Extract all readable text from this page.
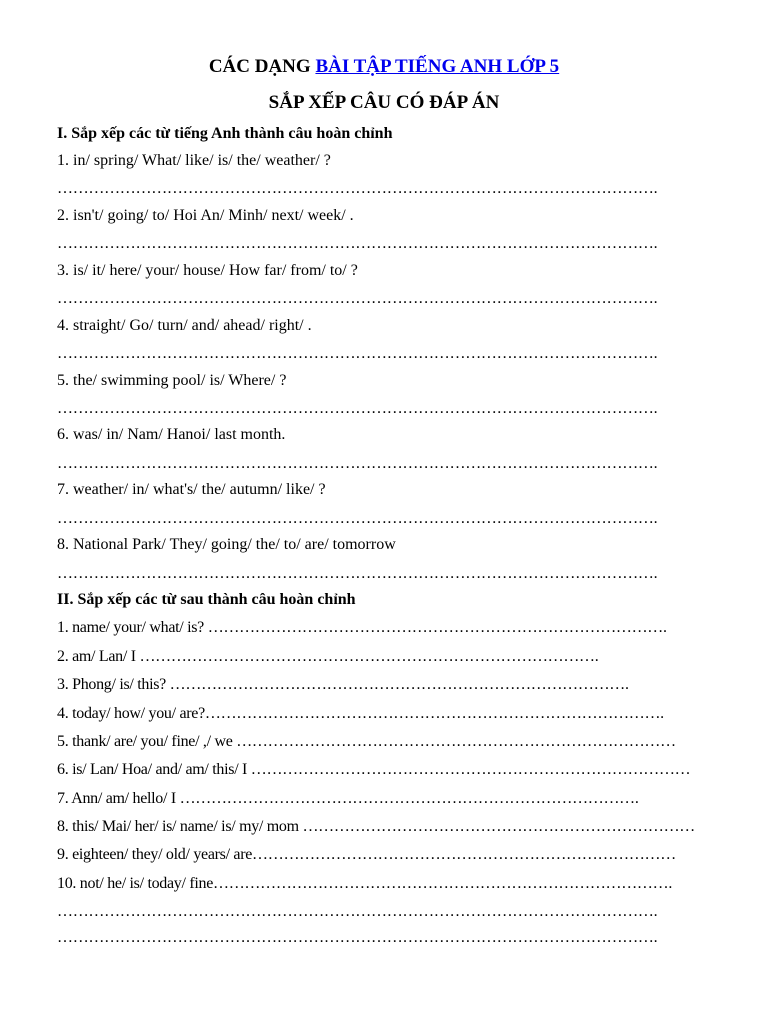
CÁC DẠNG BÀI TẬP TIẾNG ANH LỚP 5
SẮP XẾP CÂU CÓ ĐÁP ÁN
I. Sắp xếp các từ tiếng Anh thành câu hoàn chỉnh
1. in/ spring/ What/ like/ is/ the/ weather/ ?
…………………………………………………………………………………………………….
2. isn't/ going/ to/ Hoi An/ Minh/ next/ week/ .
…………………………………………………………………………………………………….
3. is/ it/ here/ your/ house/ How far/ from/ to/ ?
…………………………………………………………………………………………………….
4. straight/ Go/ turn/ and/ ahead/ right/ .
…………………………………………………………………………………………………….
5. the/ swimming pool/ is/ Where/ ?
…………………………………………………………………………………………………….
6. was/ in/ Nam/ Hanoi/ last month.
…………………………………………………………………………………………………….
7. weather/ in/ what's/ the/ autumn/ like/ ?
…………………………………………………………………………………………………….
8. National Park/ They/ going/ the/ to/ are/ tomorrow
…………………………………………………………………………………………………….
II. Sắp xếp các từ sau thành câu hoàn chỉnh
1. name/ your/ what/ is? …………………………………………………………………………….
2. am/ Lan/ I …………………………………………………………………………….
3. Phong/ is/ this? …………………………………………………………………………….
4. today/ how/ you/ are?…………………………………………………………………………….
5. thank/ are/ you/ fine/ ,/ we …………………………………………………………………………
6. is/ Lan/ Hoa/ and/ am/ this/ I …………………………………………………………………………
7. Ann/ am/ hello/ I …………………………………………………………………………….
8. this/ Mai/ her/ is/ name/ is/ my/ mom …………………………………………………………………
9. eighteen/ they/ old/ years/ are………………………………………………………………………
10. not/ he/ is/ today/ fine…………………………………………………………………………….
…………………………………………………………………………………………………….
…………………………………………………………………………………………………….
